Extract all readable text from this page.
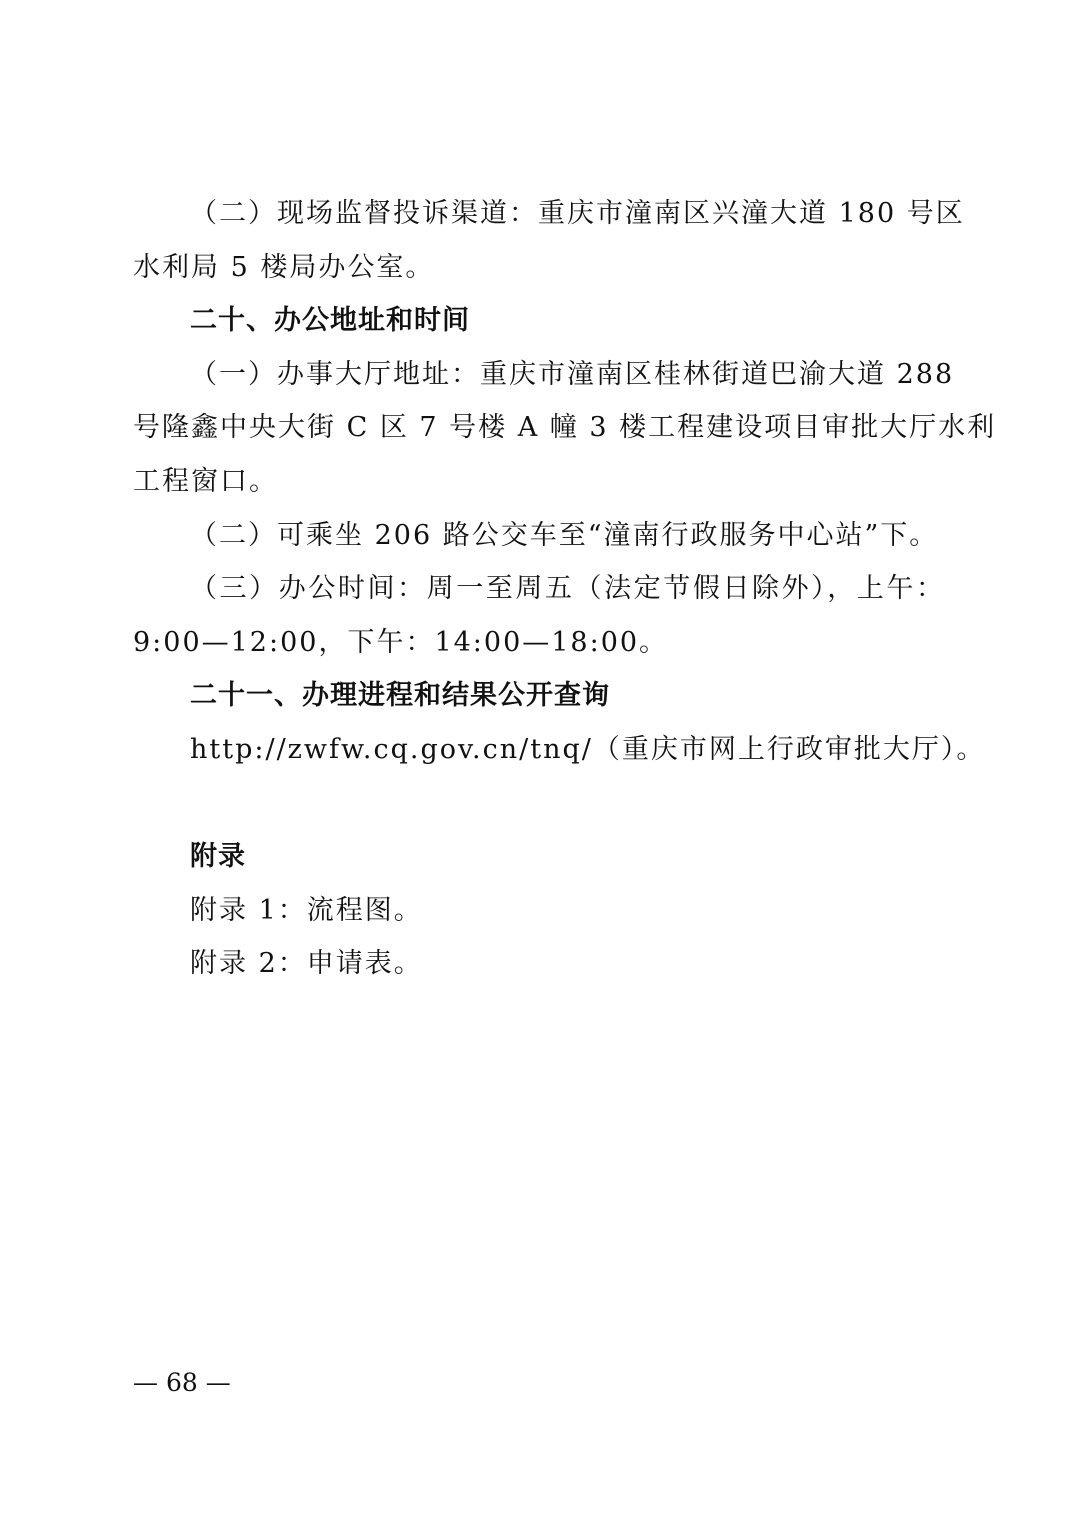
（二）现场监督投诉渠道：重庆市潼南区兴潼大道 180 号区
水利局 5 楼局办公室。
二十、办公地址和时间
（一）办事大厅地址：重庆市潼南区桂林街道巴渝大道 288
号隆鑫中央大街 C 区 7 号楼 A 幢 3 楼工程建设项目审批大厅水利
工程窗口。
（二）可乘坐 206 路公交车至“潼南行政服务中心站”下。
（三）办公时间：周一至周五（法定节假日除外），上午：
9:00—12:00，下午：14:00—18:00。
二十一、办理进程和结果公开查询
http://zwfw.cq.gov.cn/tnq/（重庆市网上行政审批大厅）。
附录
附录 1：流程图。
附录 2：申请表。
— 68 —
